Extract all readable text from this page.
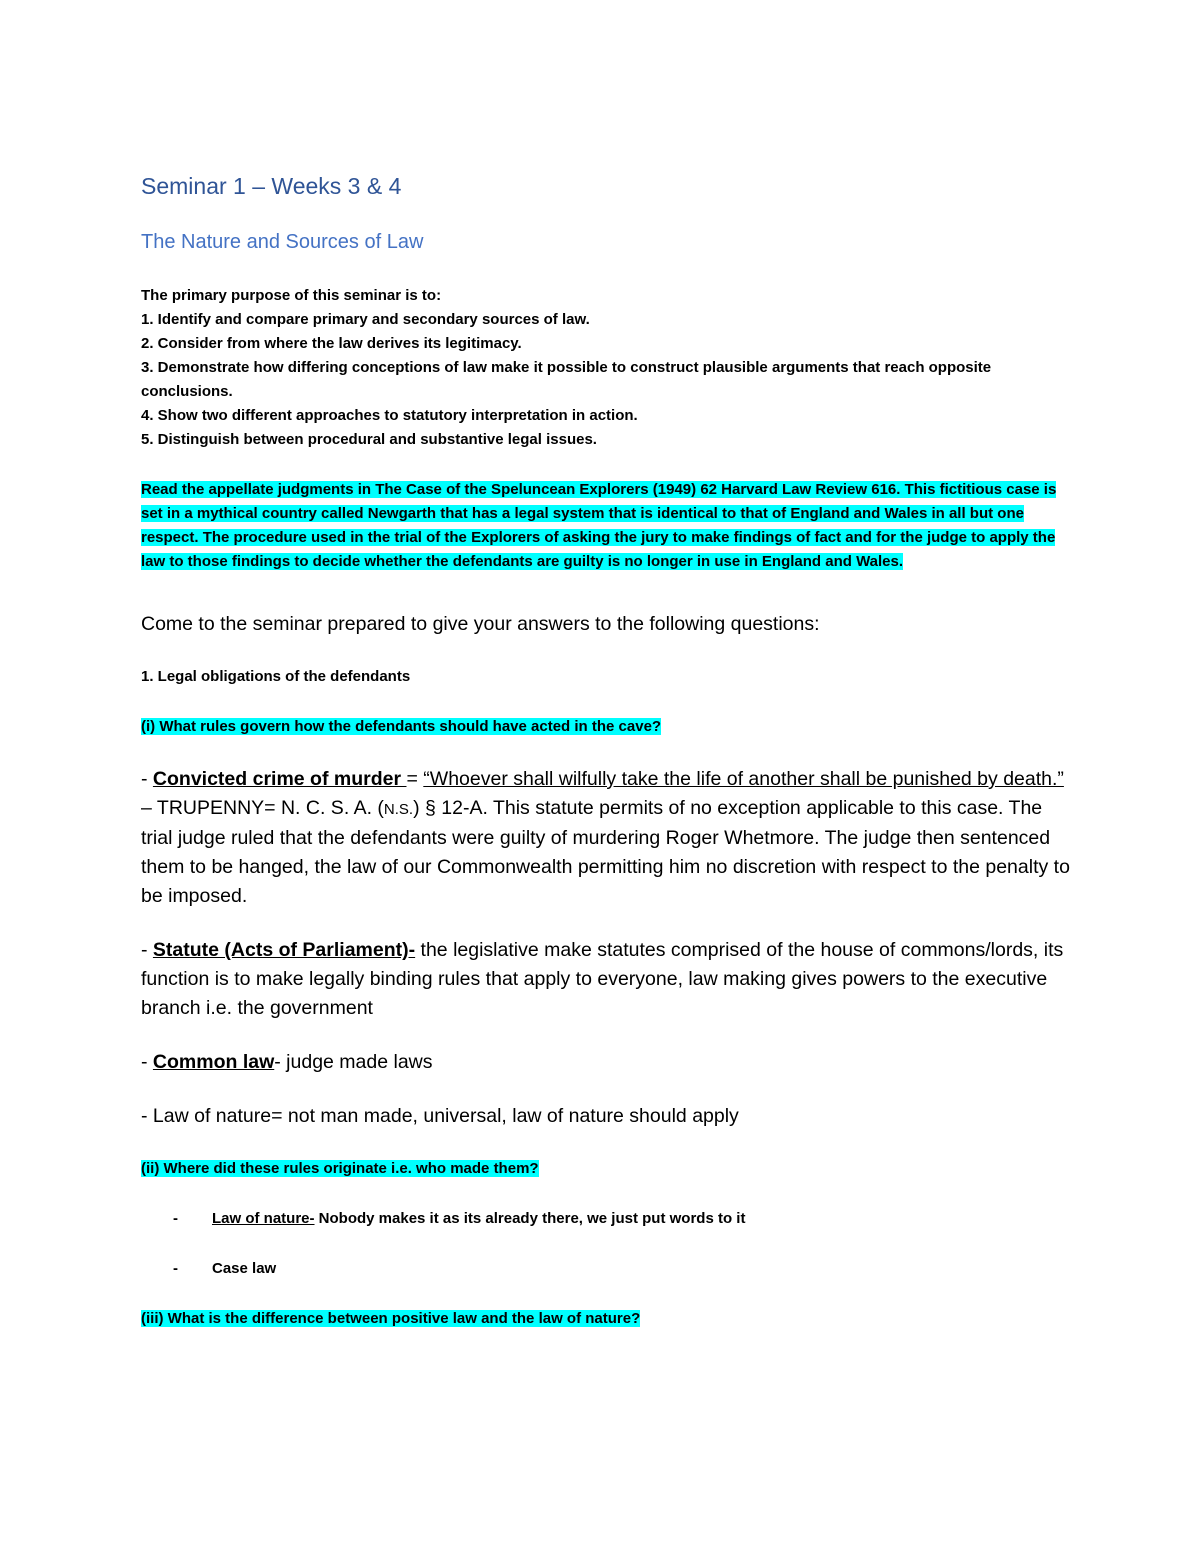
Seminar 1 – Weeks 3 & 4
The Nature and Sources of Law

The primary purpose of this seminar is to:

1. Identify and compare primary and secondary sources of law.

2. Consider from where the law derives its legitimacy.

3. Demonstrate how differing conceptions of law make it possible to construct plausible arguments that reach opposite conclusions.

4. Show two different approaches to statutory interpretation in action.

5. Distinguish between procedural and substantive legal issues.

Read the appellate judgments in The Case of the Speluncean Explorers (1949) 62 Harvard Law Review 616. This fictitious case is set in a mythical country called Newgarth that has a legal system that is identical to that of England and Wales in all but one respect. The procedure used in the trial of the Explorers of asking the jury to make findings of fact and for the judge to apply the law to those findings to decide whether the defendants are guilty is no longer in use in England and Wales.

Come to the seminar prepared to give your answers to the following questions:

1. Legal obligations of the defendants

(i) What rules govern how the defendants should have acted in the cave?

- Convicted crime of murder = “Whoever shall wilfully take the life of another shall be punished by death.” – TRUPENNY= N. C. S. A. (N.S.) § 12-A. This statute permits of no exception applicable to this case. The trial judge ruled that the defendants were guilty of murdering Roger Whetmore. The judge then sentenced them to be hanged, the law of our Commonwealth permitting him no discretion with respect to the penalty to be imposed.

- Statute (Acts of Parliament)- the legislative make statutes comprised of the house of commons/lords, its function is to make legally binding rules that apply to everyone, law making gives powers to the executive branch i.e. the government

- Common law- judge made laws

- Law of nature= not man made, universal, law of nature should apply

(ii) Where did these rules originate i.e. who made them?

- Law of nature- Nobody makes it as its already there, we just put words to it
- Case law

(iii) What is the difference between positive law and the law of nature?
